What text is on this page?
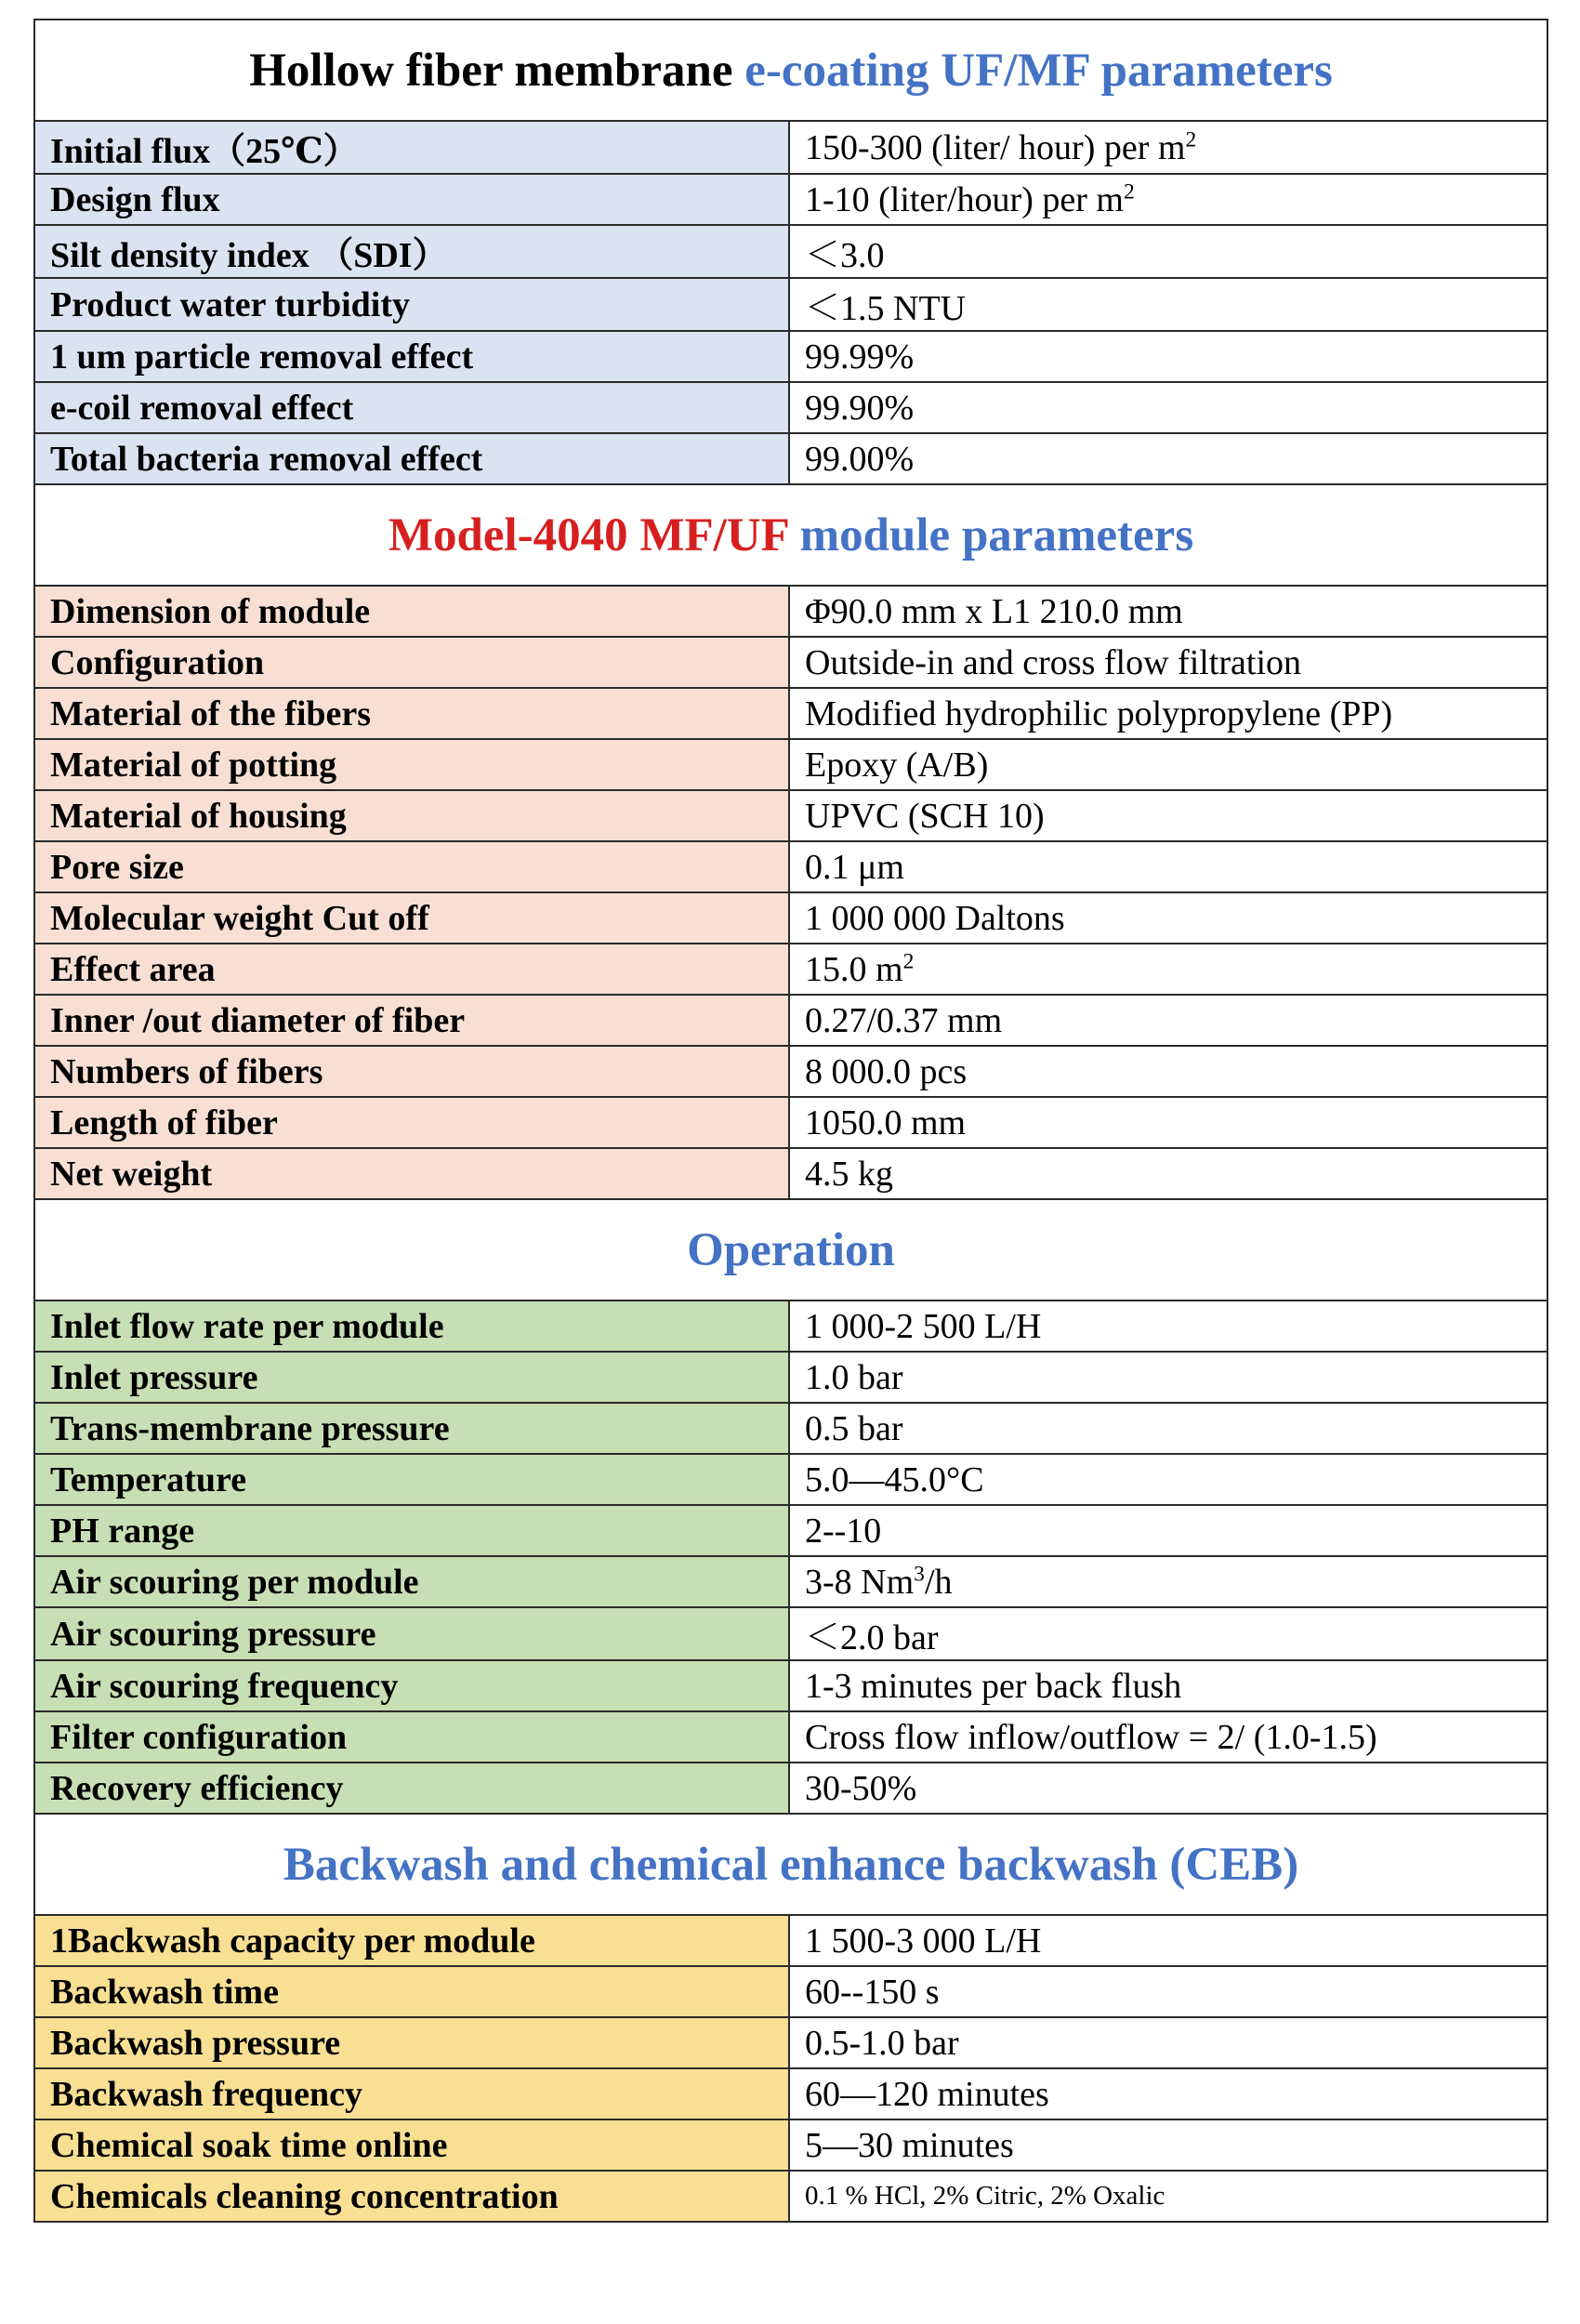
Hollow fiber membrane e-coating UF/MF parameters	
Initial flux（25℃）	150-300 (liter/ hour) per $m^2$
Design flux	1-10 (liter/hour) per $m^2$
Silt density index （SDI）	＜3.0
Product water turbidity	＜1.5 NTU
1 um particle removal effect	99.99%
e-coil removal effect	99.90%
Total bacteria removal effect	99.00%
Model-4040 MF/UF module parameters	
Dimension of module	Φ90.0 mm x L1 210.0 mm
Configuration	Outside-in and cross flow filtration
Material of the fibers	Modified hydrophilic polypropylene (PP)
Material of potting	Epoxy (A/B)
Material of housing	UPVC (SCH 10)
Pore size	0.1 μm
Molecular weight Cut off	1 000 000 Daltons
Effect area	15.0 $m^2$
Inner /out diameter of fiber	0.27/0.37 mm
Numbers of fibers	8 000.0 pcs
Length of fiber	1050.0 mm
Net weight	4.5 kg
Operation	
Inlet flow rate per module	1 000-2 500 L/H
Inlet pressure	1.0 bar
Trans-membrane pressure	0.5 bar
Temperature	5.0—45.0°C
PH range	2--10
Air scouring per module	3-8 Nm$^3$/h
Air scouring pressure	＜2.0 bar
Air scouring frequency	1-3 minutes per back flush
Filter configuration	Cross flow inflow/outflow = 2/ (1.0-1.5)
Recovery efficiency	30-50%
Backwash and chemical enhance backwash (CEB)	
1Backwash capacity per module	1 500-3 000 L/H
Backwash time	60--150 s
Backwash pressure	0.5-1.0 bar
Backwash frequency	60—120 minutes
Chemical soak time online	5—30 minutes
Chemicals cleaning concentration	0.1 % HCl, 2% Citric, 2% Oxalic
